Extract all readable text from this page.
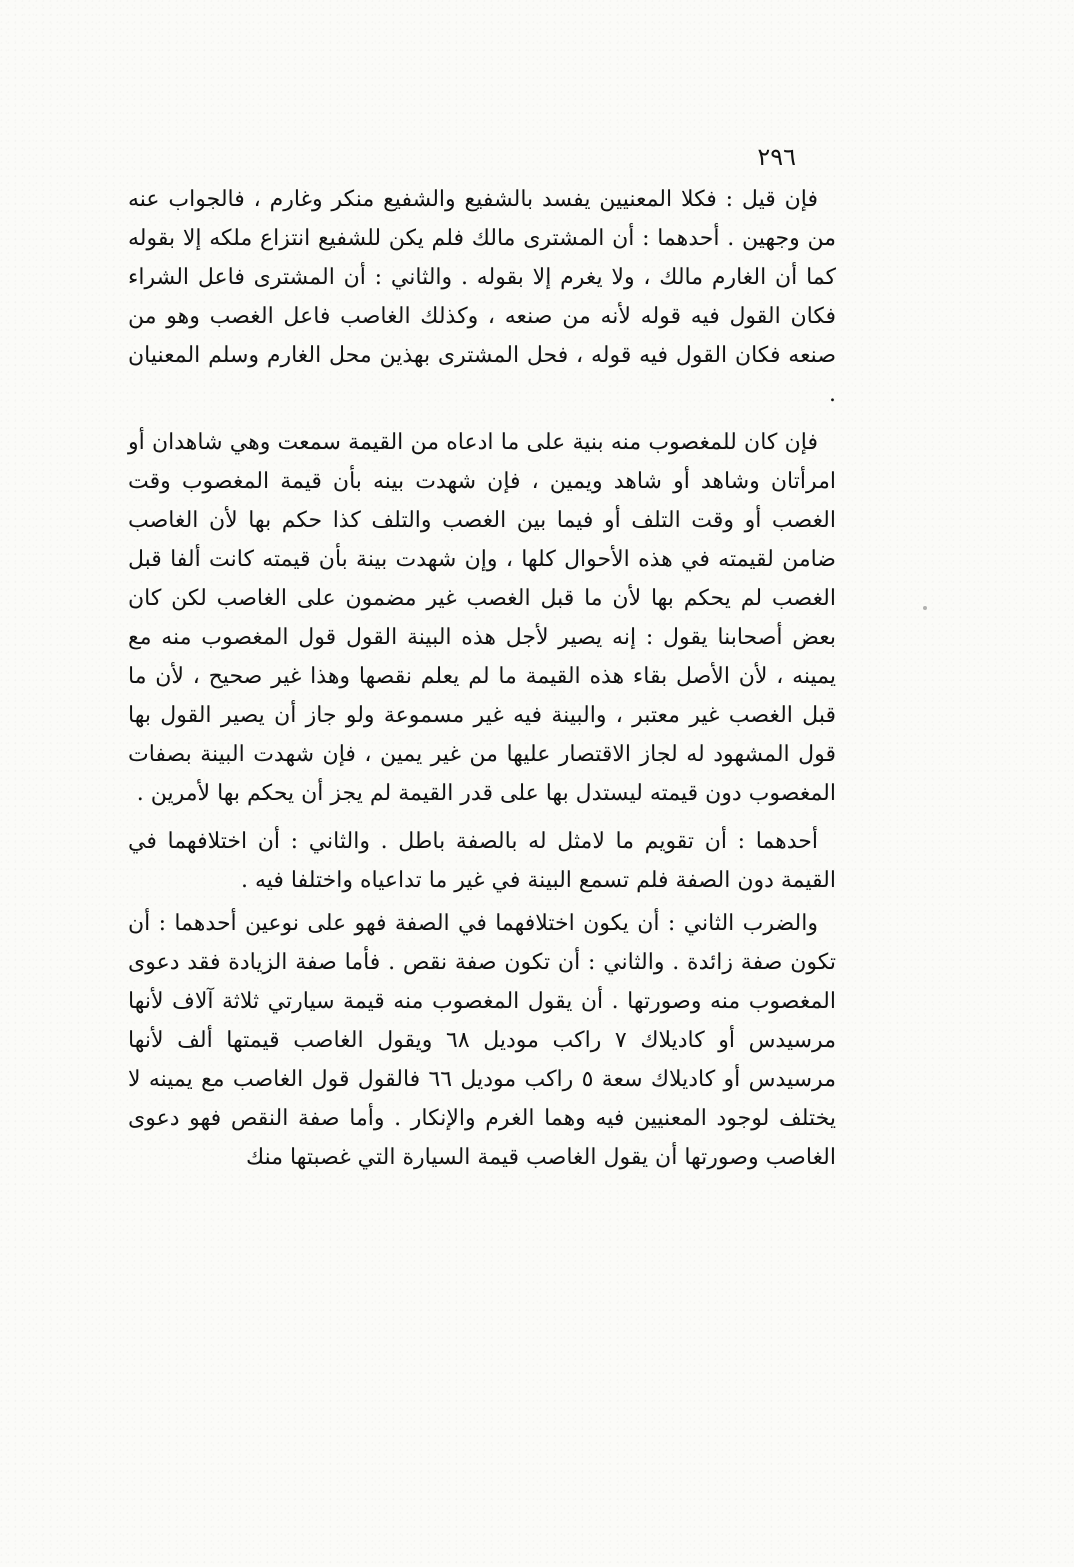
٢٩٦

فإن قيل : فكلا المعنيين يفسد بالشفيع والشفيع منكر وغارم ، فالجواب عنه من وجهين . أحدهما : أن المشترى مالك فلم يكن للشفيع انتزاع ملكه إلا بقوله كما أن الغارم مالك ، ولا يغرم إلا بقوله . والثاني : أن المشترى فاعل الشراء فكان القول فيه قوله لأنه من صنعه ، وكذلك الغاصب فاعل الغصب وهو من صنعه فكان القول فيه قوله ، فحل المشترى بهذين محل الغارم وسلم المعنيان .

فإن كان للمغصوب منه بنية على ما ادعاه من القيمة سمعت وهي شاهدان أو امرأتان وشاهد أو شاهد ويمين ، فإن شهدت بينه بأن قيمة المغصوب وقت الغصب أو وقت التلف أو فيما بين الغصب والتلف كذا حكم بها لأن الغاصب ضامن لقيمته في هذه الأحوال كلها ، وإن شهدت بينة بأن قيمته كانت ألفا قبل الغصب لم يحكم بها لأن ما قبل الغصب غير مضمون على الغاصب لكن كان بعض أصحابنا يقول : إنه يصير لأجل هذه البينة القول قول المغصوب منه مع يمينه ، لأن الأصل بقاء هذه القيمة ما لم يعلم نقصها وهذا غير صحيح ، لأن ما قبل الغصب غير معتبر ، والبينة فيه غير مسموعة ولو جاز أن يصير القول بها قول المشهود له لجاز الاقتصار عليها من غير يمين ، فإن شهدت البينة بصفات المغصوب دون قيمته ليستدل بها على قدر القيمة لم يجز أن يحكم بها لأمرين .

أحدهما : أن تقويم ما لامثل له بالصفة باطل . والثاني : أن اختلافهما في القيمة دون الصفة فلم تسمع البينة في غير ما تداعياه واختلفا فيه .

والضرب الثاني : أن يكون اختلافهما في الصفة فهو على نوعين أحدهما : أن تكون صفة زائدة . والثاني : أن تكون صفة نقص . فأما صفة الزيادة فقد دعوى المغصوب منه وصورتها . أن يقول المغصوب منه قيمة سيارتي ثلاثة آلاف لأنها مرسيدس أو كاديلاك ٧ راكب موديل ٦٨ ويقول الغاصب قيمتها ألف لأنها مرسيدس أو كاديلاك سعة ٥ راكب موديل ٦٦ فالقول قول الغاصب مع يمينه لا يختلف لوجود المعنيين فيه وهما الغرم والإنكار . وأما صفة النقص فهو دعوى الغاصب وصورتها أن يقول الغاصب قيمة السيارة التي غصبتها منك
